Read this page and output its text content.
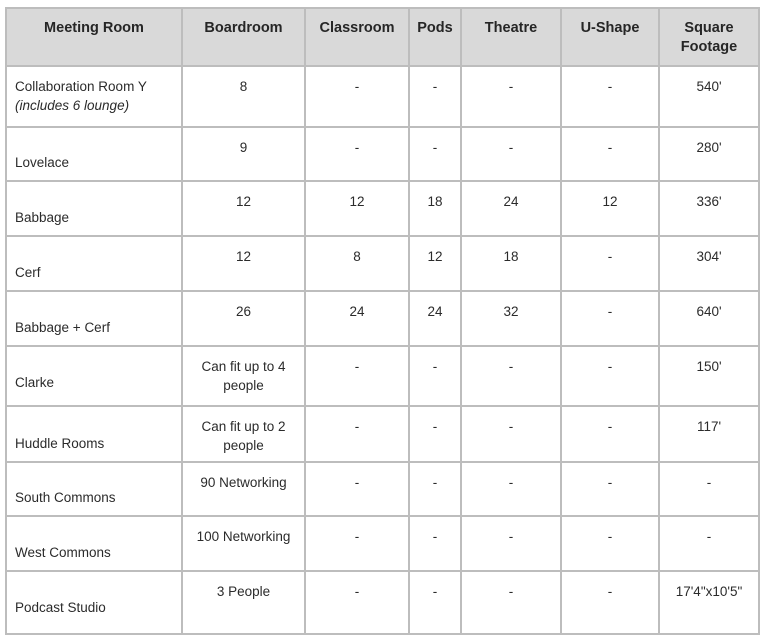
Meeting Room	Boardroom	Classroom	Pods	Theatre	U-Shape	Square Footage

Collaboration Room Y
(includes 6 lounge)	8	-	-	-	-	540'

Lovelace	9	-	-	-	-	280'

Babbage	12	12	18	24	12	336'

Cerf	12	8	12	18	-	304'

Babbage + Cerf	26	24	24	32	-	640'

Clarke	Can fit up to 4 people	-	-	-	-	150'

Huddle Rooms	Can fit up to 2 people	-	-	-	-	117'

South Commons	90 Networking	-	-	-	-	-

West Commons	100 Networking	-	-	-	-	-

Podcast Studio	3 People	-	-	-	-	17'4"x10'5"
